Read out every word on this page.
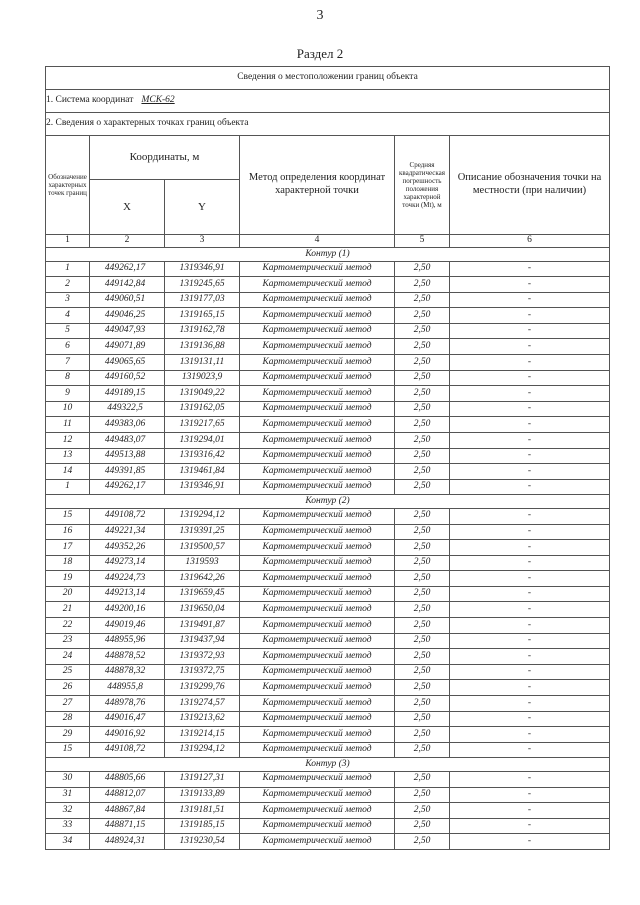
3
Раздел 2
Сведения о местоположении границ объекта					
1. Система координат МСК-62					
2. Сведения о характерных точках границ объекта					
Обозначение характерных точек границ	Координаты, м		Метод определения координат характерной точки	Средняя квадратическая погрешность положения характерной точки (Mt), м	Описание обозначения точки на местности (при наличии)
	X	Y			
1	2	3	4	5	6
Контур (1)					
1	449262,17	1319346,91	Картометрический метод	2,50	-
2	449142,84	1319245,65	Картометрический метод	2,50	-
3	449060,51	1319177,03	Картометрический метод	2,50	-
4	449046,25	1319165,15	Картометрический метод	2,50	-
5	449047,93	1319162,78	Картометрический метод	2,50	-
6	449071,89	1319136,88	Картометрический метод	2,50	-
7	449065,65	1319131,11	Картометрический метод	2,50	-
8	449160,52	1319023,9	Картометрический метод	2,50	-
9	449189,15	1319049,22	Картометрический метод	2,50	-
10	449322,5	1319162,05	Картометрический метод	2,50	-
11	449383,06	1319217,65	Картометрический метод	2,50	-
12	449483,07	1319294,01	Картометрический метод	2,50	-
13	449513,88	1319316,42	Картометрический метод	2,50	-
14	449391,85	1319461,84	Картометрический метод	2,50	-
1	449262,17	1319346,91	Картометрический метод	2,50	-
Контур (2)					
15	449108,72	1319294,12	Картометрический метод	2,50	-
16	449221,34	1319391,25	Картометрический метод	2,50	-
17	449352,26	1319500,57	Картометрический метод	2,50	-
18	449273,14	1319593	Картометрический метод	2,50	-
19	449224,73	1319642,26	Картометрический метод	2,50	-
20	449213,14	1319659,45	Картометрический метод	2,50	-
21	449200,16	1319650,04	Картометрический метод	2,50	-
22	449019,46	1319491,87	Картометрический метод	2,50	-
23	448955,96	1319437,94	Картометрический метод	2,50	-
24	448878,52	1319372,93	Картометрический метод	2,50	-
25	448878,32	1319372,75	Картометрический метод	2,50	-
26	448955,8	1319299,76	Картометрический метод	2,50	-
27	448978,76	1319274,57	Картометрический метод	2,50	-
28	449016,47	1319213,62	Картометрический метод	2,50	-
29	449016,92	1319214,15	Картометрический метод	2,50	-
15	449108,72	1319294,12	Картометрический метод	2,50	-
Контур (3)					
30	448805,66	1319127,31	Картометрический метод	2,50	-
31	448812,07	1319133,89	Картометрический метод	2,50	-
32	448867,84	1319181,51	Картометрический метод	2,50	-
33	448871,15	1319185,15	Картометрический метод	2,50	-
34	448924,31	1319230,54	Картометрический метод	2,50	-
